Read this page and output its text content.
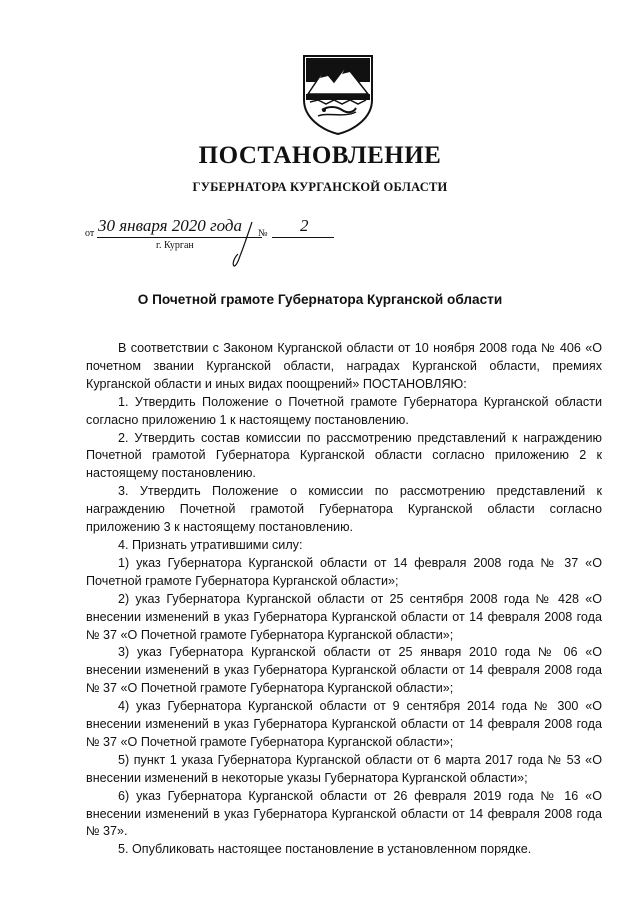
ПОСТАНОВЛЕНИЕ
ГУБЕРНАТОРА КУРГАНСКОЙ ОБЛАСТИ
от 30 января 2020 года № 2
г. Курган
О Почетной грамоте Губернатора Курганской области

В соответствии с Законом Курганской области от 10 ноября 2008 года № 406 «О почетном звании Курганской области, наградах Курганской области, премиях Курганской области и иных видах поощрений» ПОСТАНОВЛЯЮ:

1. Утвердить Положение о Почетной грамоте Губернатора Курганской области согласно приложению 1 к настоящему постановлению.

2. Утвердить состав комиссии по рассмотрению представлений к награждению Почетной грамотой Губернатора Курганской области согласно приложению 2 к настоящему постановлению.

3. Утвердить Положение о комиссии по рассмотрению представлений к награждению Почетной грамотой Губернатора Курганской области согласно приложению 3 к настоящему постановлению.

4. Признать утратившими силу:

1) указ Губернатора Курганской области от 14 февраля 2008 года № 37 «О Почетной грамоте Губернатора Курганской области»;

2) указ Губернатора Курганской области от 25 сентября 2008 года № 428 «О внесении изменений в указ Губернатора Курганской области от 14 февраля 2008 года № 37 «О Почетной грамоте Губернатора Курганской области»;

3) указ Губернатора Курганской области от 25 января 2010 года № 06 «О внесении изменений в указ Губернатора Курганской области от 14 февраля 2008 года № 37 «О Почетной грамоте Губернатора Курганской области»;

4) указ Губернатора Курганской области от 9 сентября 2014 года № 300 «О внесении изменений в указ Губернатора Курганской области от 14 февраля 2008 года № 37 «О Почетной грамоте Губернатора Курганской области»;

5) пункт 1 указа Губернатора Курганской области от 6 марта 2017 года № 53 «О внесении изменений в некоторые указы Губернатора Курганской области»;

6) указ Губернатора Курганской области от 26 февраля 2019 года № 16 «О внесении изменений в указ Губернатора Курганской области от 14 февраля 2008 года № 37».

5. Опубликовать настоящее постановление в установленном порядке.
